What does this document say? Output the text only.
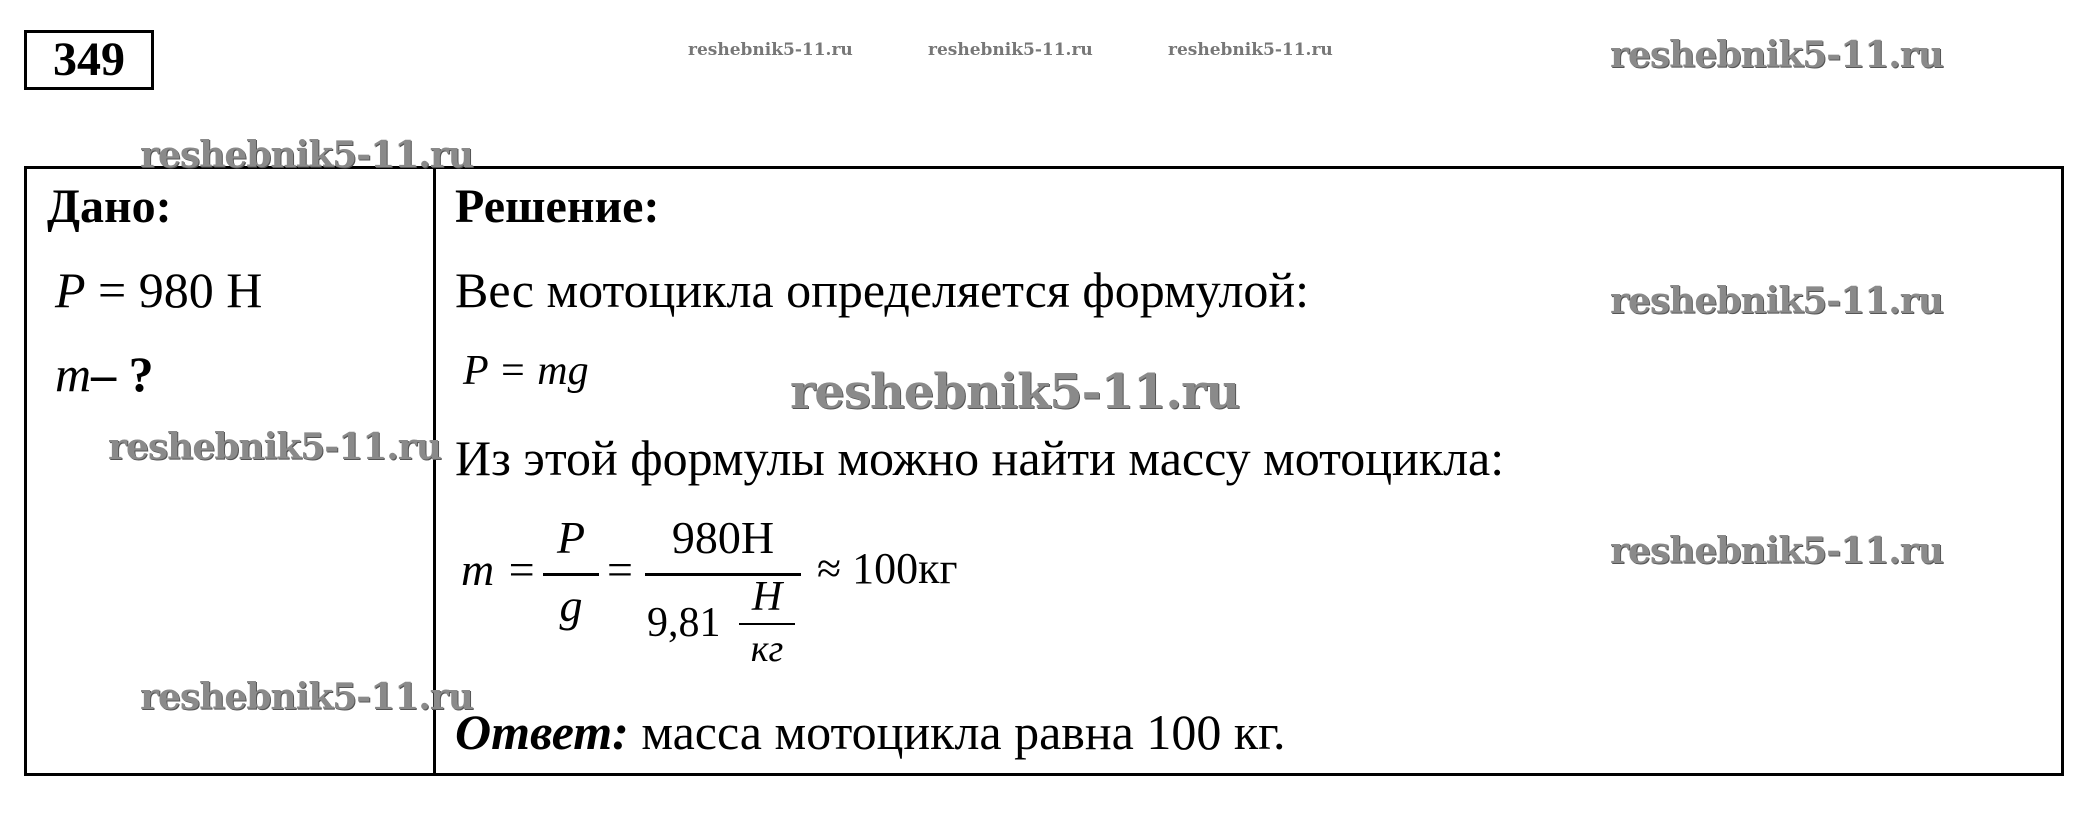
349	reshebnik5-11.ru	reshebnik5-11.ru	reshebnik5-11.ru	reshebnik5-11.ru
reshebnik5-11.ru
reshebnik5-11.ru
reshebnik5-11.ru
reshebnik5-11.ru
reshebnik5-11.ru
reshebnik5-11.ru
Дано:
P = 980 Н
m– ?
Решение:
Вес мотоцикла определяется формулой:
P = mg
Из этой формулы можно найти массу мотоцикла:
m =
P
g
=
980H
9,81
H
кг
≈ 100кг
Ответ: масса мотоцикла равна 100 кг.
